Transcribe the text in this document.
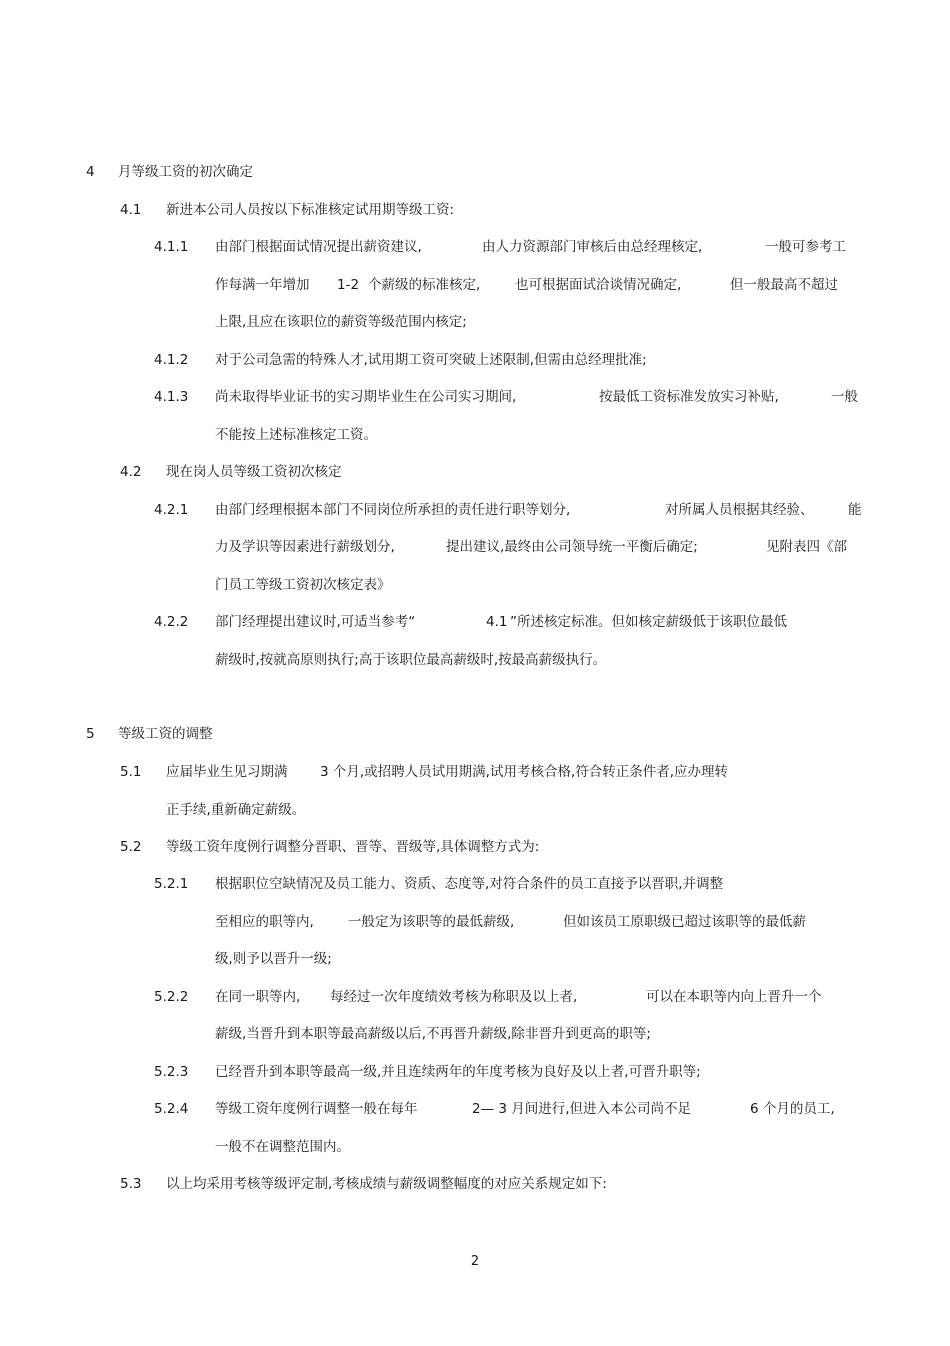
4 月等级工资的初次确定
4.1 新进本公司人员按以下标准核定试用期等级工资:
4.1.1 由部门根据面试情况提出薪资建议,	由人力资源部门审核后由总经理核定,	一般可参考工
作每满一年增加 1-2 个薪级的标准核定,	也可根据面试洽谈情况确定,	但一般最高不超过
上限,且应在该职位的薪资等级范围内核定;
4.1.2 对于公司急需的特殊人才,试用期工资可突破上述限制,但需由总经理批准;
4.1.3 尚未取得毕业证书的实习期毕业生在公司实习期间,	按最低工资标准发放实习补贴,	一般
不能按上述标准核定工资。
4.2 现在岗人员等级工资初次核定
4.2.1 由部门经理根据本部门不同岗位所承担的责任进行职等划分,	对所属人员根据其经验、	能
力及学识等因素进行薪级划分,	提出建议,最终由公司领导统一平衡后确定;	见附表四《部
门员工等级工资初次核定表》
4.2.2 部门经理提出建议时,可适当参考“	4.1 ”所述核定标准。但如核定薪级低于该职位最低
薪级时,按就高原则执行;高于该职位最高薪级时,按最高薪级执行。
5 等级工资的调整
5.1 应届毕业生见习期满 3 个月,或招聘人员试用期满,试用考核合格,符合转正条件者,应办理转
正手续,重新确定薪级。
5.2 等级工资年度例行调整分晋职、晋等、晋级等,具体调整方式为:
5.2.1 根据职位空缺情况及员工能力、资质、态度等,对符合条件的员工直接予以晋职,并调整
至相应的职等内,	一般定为该职等的最低薪级,	但如该员工原职级已超过该职等的最低薪
级,则予以晋升一级;
5.2.2 在同一职等内, 每经过一次年度绩效考核为称职及以上者,	可以在本职等内向上晋升一个
薪级,当晋升到本职等最高薪级以后,不再晋升薪级,除非晋升到更高的职等;
5.2.3 已经晋升到本职等最高一级,并且连续两年的年度考核为良好及以上者,可晋升职等;
5.2.4 等级工资年度例行调整一般在每年	2— 3 月间进行,但进入本公司尚不足	6 个月的员工,
一般不在调整范围内。
5.3 以上均采用考核等级评定制,考核成绩与薪级调整幅度的对应关系规定如下:
2
